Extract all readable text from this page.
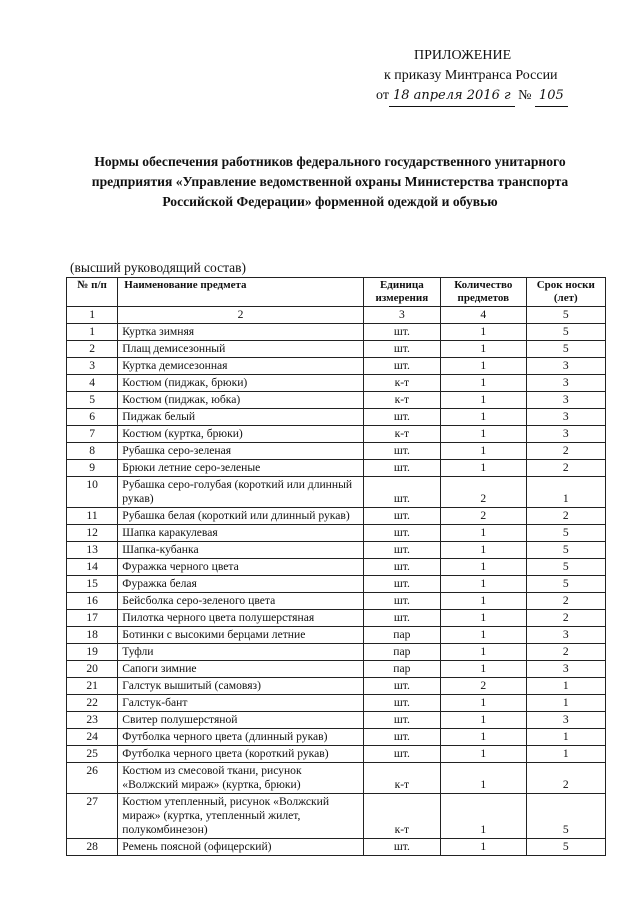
ПРИЛОЖЕНИЕ
к приказу Минтранса России
от 18 апреля 2016 г № 105
Нормы обеспечения работников федерального государственного унитарного предприятия «Управление ведомственной охраны Министерства транспорта Российской Федерации» форменной одеждой и обувью
(высший руководящий состав)
№ п/п	Наименование предмета	Единица измерения	Количество предметов	Срок носки (лет)
1	2	3	4	5
1	Куртка зимняя	шт.	1	5
2	Плащ демисезонный	шт.	1	5
3	Куртка демисезонная	шт.	1	3
4	Костюм (пиджак, брюки)	к-т	1	3
5	Костюм (пиджак, юбка)	к-т	1	3
6	Пиджак белый	шт.	1	3
7	Костюм (куртка, брюки)	к-т	1	3
8	Рубашка серо-зеленая	шт.	1	2
9	Брюки летние серо-зеленые	шт.	1	2
10	Рубашка серо-голубая (короткий или длинный рукав)	шт.	2	1
11	Рубашка белая (короткий или длинный рукав)	шт.	2	2
12	Шапка каракулевая	шт.	1	5
13	Шапка-кубанка	шт.	1	5
14	Фуражка черного цвета	шт.	1	5
15	Фуражка белая	шт.	1	5
16	Бейсболка серо-зеленого цвета	шт.	1	2
17	Пилотка черного цвета полушерстяная	шт.	1	2
18	Ботинки с высокими берцами летние	пар	1	3
19	Туфли	пар	1	2
20	Сапоги зимние	пар	1	3
21	Галстук вышитый (самовяз)	шт.	2	1
22	Галстук-бант	шт.	1	1
23	Свитер полушерстяной	шт.	1	3
24	Футболка черного цвета (длинный рукав)	шт.	1	1
25	Футболка черного цвета (короткий рукав)	шт.	1	1
26	Костюм из смесовой ткани, рисунок «Волжский мираж» (куртка, брюки)	к-т	1	2
27	Костюм утепленный, рисунок «Волжский мираж» (куртка, утепленный жилет, полукомбинезон)	к-т	1	5
28	Ремень поясной (офицерский)	шт.	1	5
